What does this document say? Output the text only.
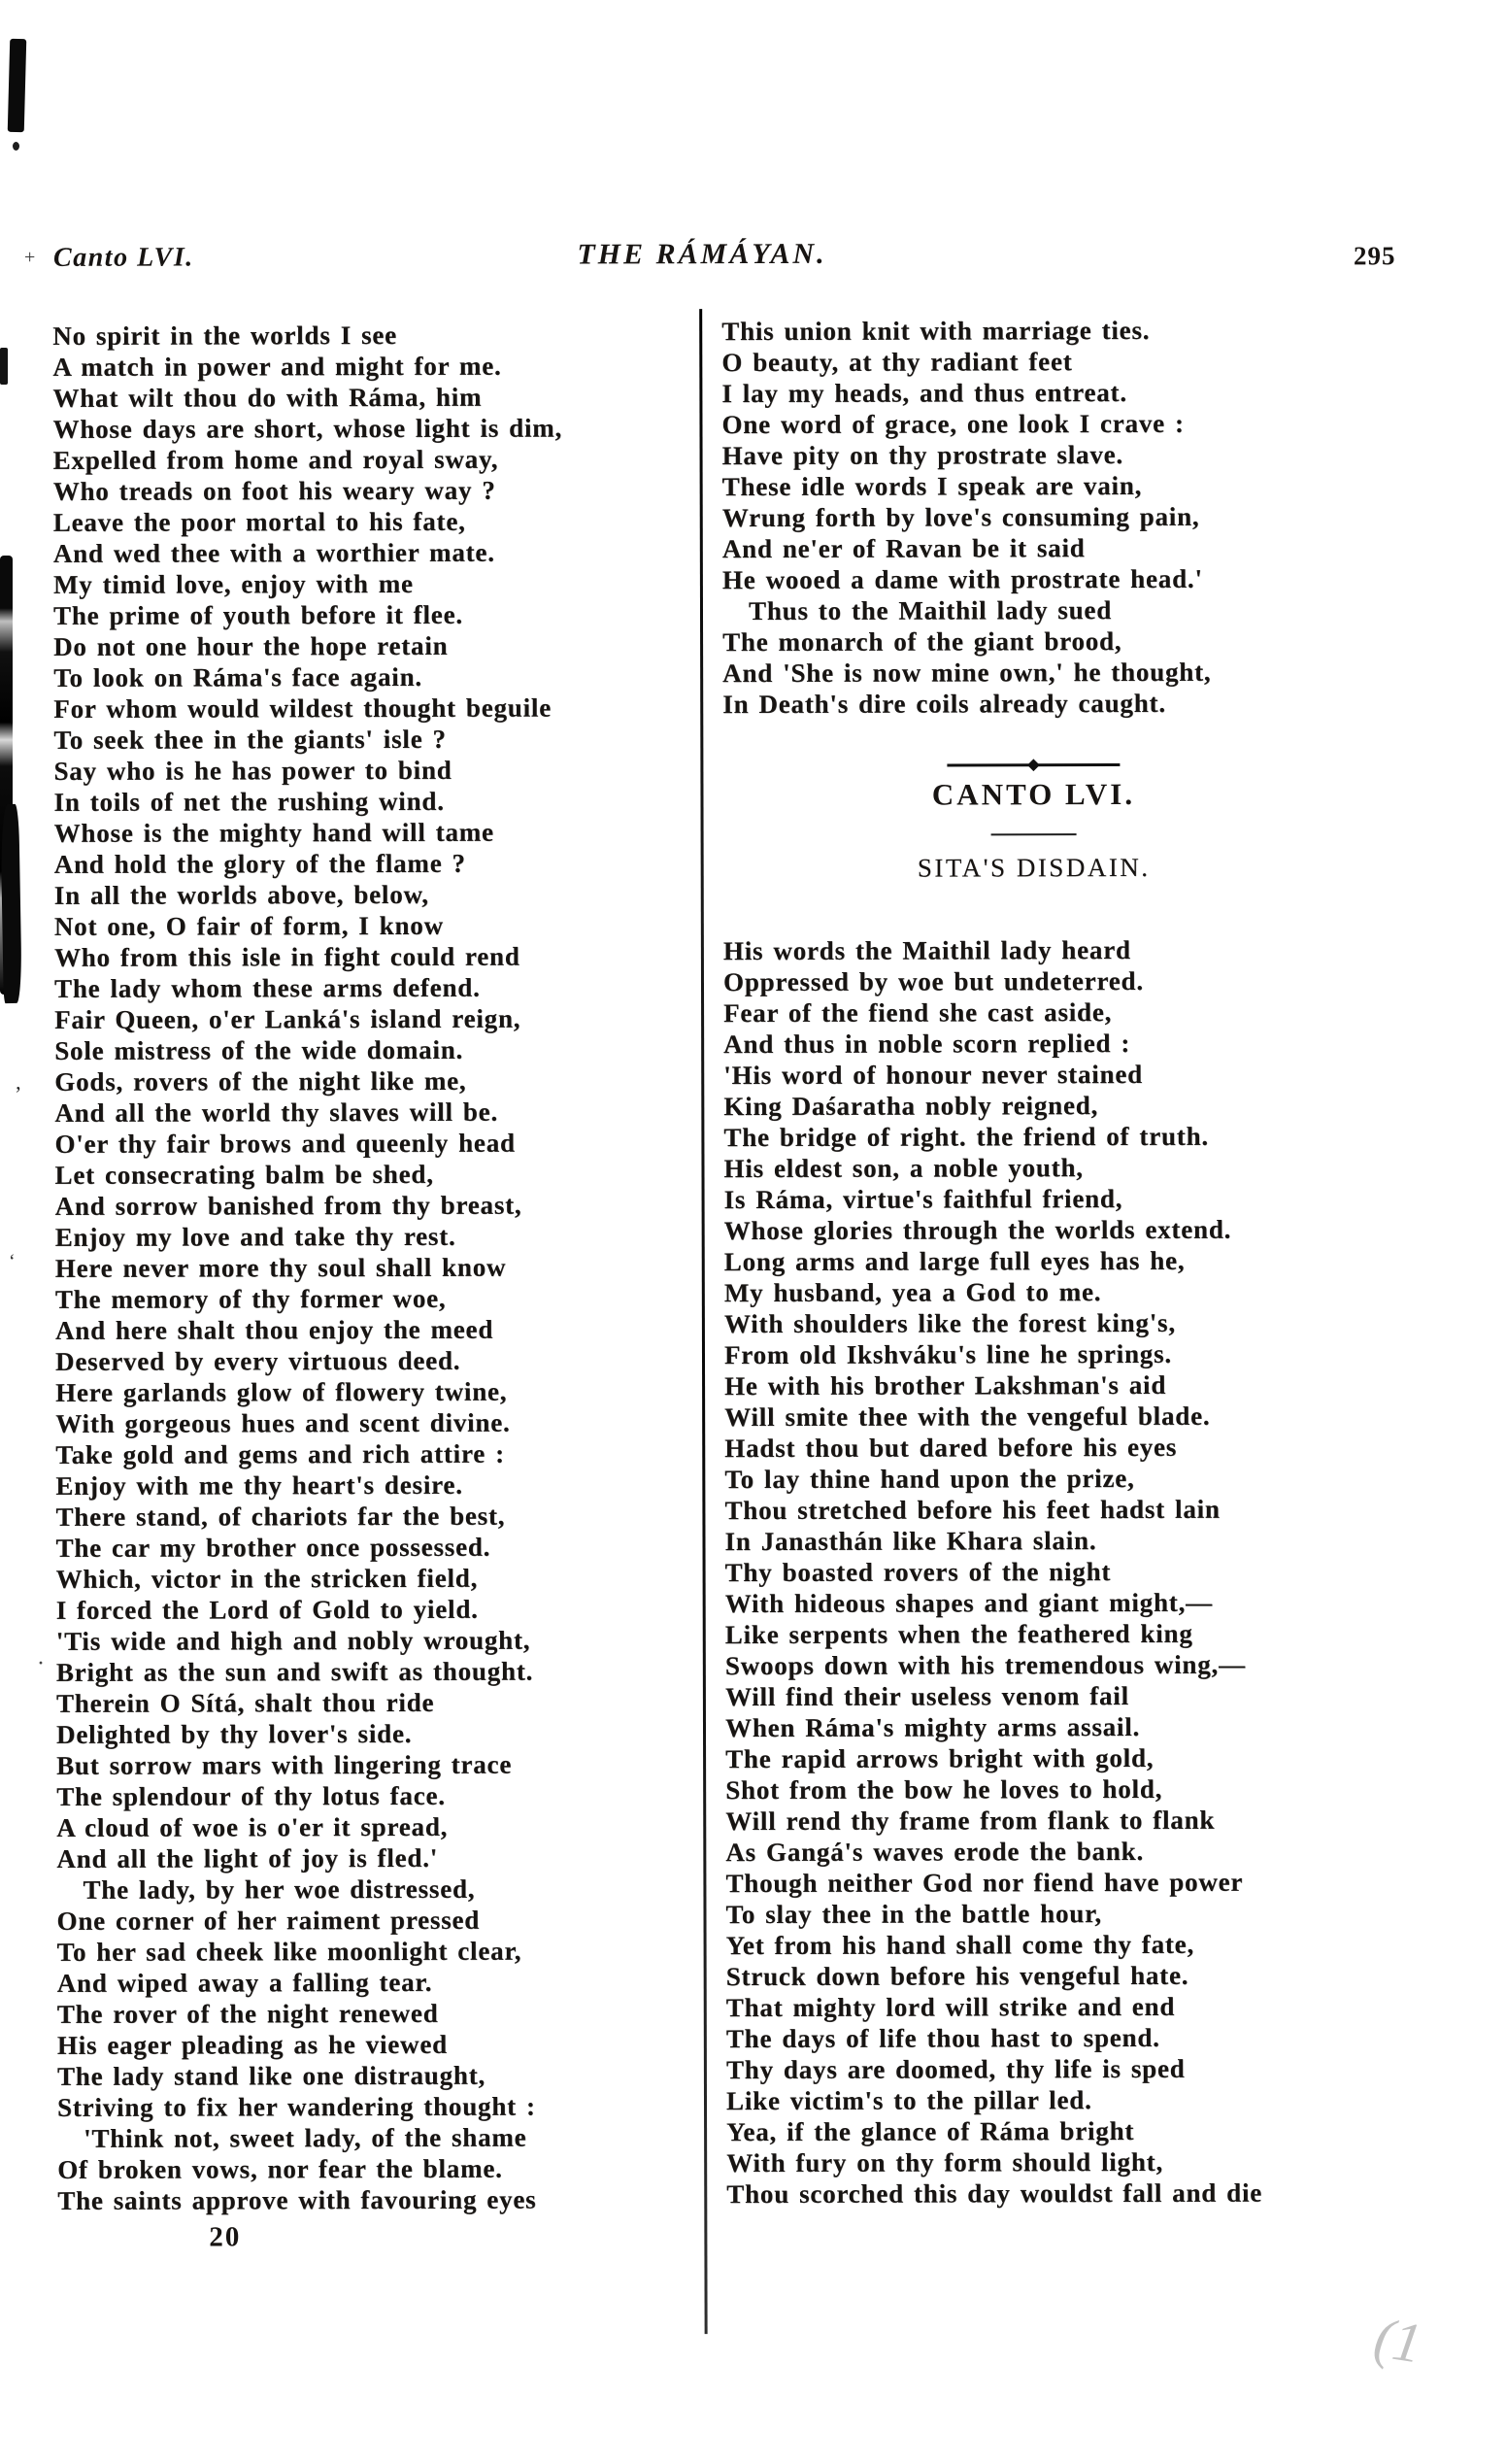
+
ʼ
ʻ
·
Canto LVI.	THE RÁMÁYAN.	295

No spirit in the worlds I see

A match in power and might for me.

What wilt thou do with Ráma, him

Whose days are short, whose light is dim,

Expelled from home and royal sway,

Who treads on foot his weary way ?

Leave the poor mortal to his fate,

And wed thee with a worthier mate.

My timid love, enjoy with me

The prime of youth before it flee.

Do not one hour the hope retain

To look on Ráma's face again.

For whom would wildest thought beguile

To seek thee in the giants' isle ?

Say who is he has power to bind

In toils of net the rushing wind.

Whose is the mighty hand will tame

And hold the glory of the flame ?

In all the worlds above, below,

Not one, O fair of form, I know

Who from this isle in fight could rend

The lady whom these arms defend.

Fair Queen, o'er Lanká's island reign,

Sole mistress of the wide domain.

Gods, rovers of the night like me,

And all the world thy slaves will be.

O'er thy fair brows and queenly head

Let consecrating balm be shed,

And sorrow banished from thy breast,

Enjoy my love and take thy rest.

Here never more thy soul shall know

The memory of thy former woe,

And here shalt thou enjoy the meed

Deserved by every virtuous deed.

Here garlands glow of flowery twine,

With gorgeous hues and scent divine.

Take gold and gems and rich attire :

Enjoy with me thy heart's desire.

There stand, of chariots far the best,

The car my brother once possessed.

Which, victor in the stricken field,

I forced the Lord of Gold to yield.

'Tis wide and high and nobly wrought,

Bright as the sun and swift as thought.

Therein O Sítá, shalt thou ride

Delighted by thy lover's side.

But sorrow mars with lingering trace

The splendour of thy lotus face.

A cloud of woe is o'er it spread,

And all the light of joy is fled.'

The lady, by her woe distressed,

One corner of her raiment pressed

To her sad cheek like moonlight clear,

And wiped away a falling tear.

The rover of the night renewed

His eager pleading as he viewed

The lady stand like one distraught,

Striving to fix her wandering thought :

'Think not, sweet lady, of the shame

Of broken vows, nor fear the blame.

The saints approve with favouring eyes

This union knit with marriage ties.

O beauty, at thy radiant feet

I lay my heads, and thus entreat.

One word of grace, one look I crave :

Have pity on thy prostrate slave.

These idle words I speak are vain,

Wrung forth by love's consuming pain,

And ne'er of Ravan be it said

He wooed a dame with prostrate head.'

Thus to the Maithil lady sued

The monarch of the giant brood,

And 'She is now mine own,' he thought,

In Death's dire coils already caught.

CANTO LVI.
SITA'S DISDAIN.

His words the Maithil lady heard

Oppressed by woe but undeterred.

Fear of the fiend she cast aside,

And thus in noble scorn replied :

'His word of honour never stained

King Daśaratha nobly reigned,

The bridge of right. the friend of truth.

His eldest son, a noble youth,

Is Ráma, virtue's faithful friend,

Whose glories through the worlds extend.

Long arms and large full eyes has he,

My husband, yea a God to me.

With shoulders like the forest king's,

From old Ikshváku's line he springs.

He with his brother Lakshman's aid

Will smite thee with the vengeful blade.

Hadst thou but dared before his eyes

To lay thine hand upon the prize,

Thou stretched before his feet hadst lain

In Janasthán like Khara slain.

Thy boasted rovers of the night

With hideous shapes and giant might,—

Like serpents when the feathered king

Swoops down with his tremendous wing,—

Will find their useless venom fail

When Ráma's mighty arms assail.

The rapid arrows bright with gold,

Shot from the bow he loves to hold,

Will rend thy frame from flank to flank

As Gangá's waves erode the bank.

Though neither God nor fiend have power

To slay thee in the battle hour,

Yet from his hand shall come thy fate,

Struck down before his vengeful hate.

That mighty lord will strike and end

The days of life thou hast to spend.

Thy days are doomed, thy life is sped

Like victim's to the pillar led.

Yea, if the glance of Ráma bright

With fury on thy form should light,

Thou scorched this day wouldst fall and die

20
(1
